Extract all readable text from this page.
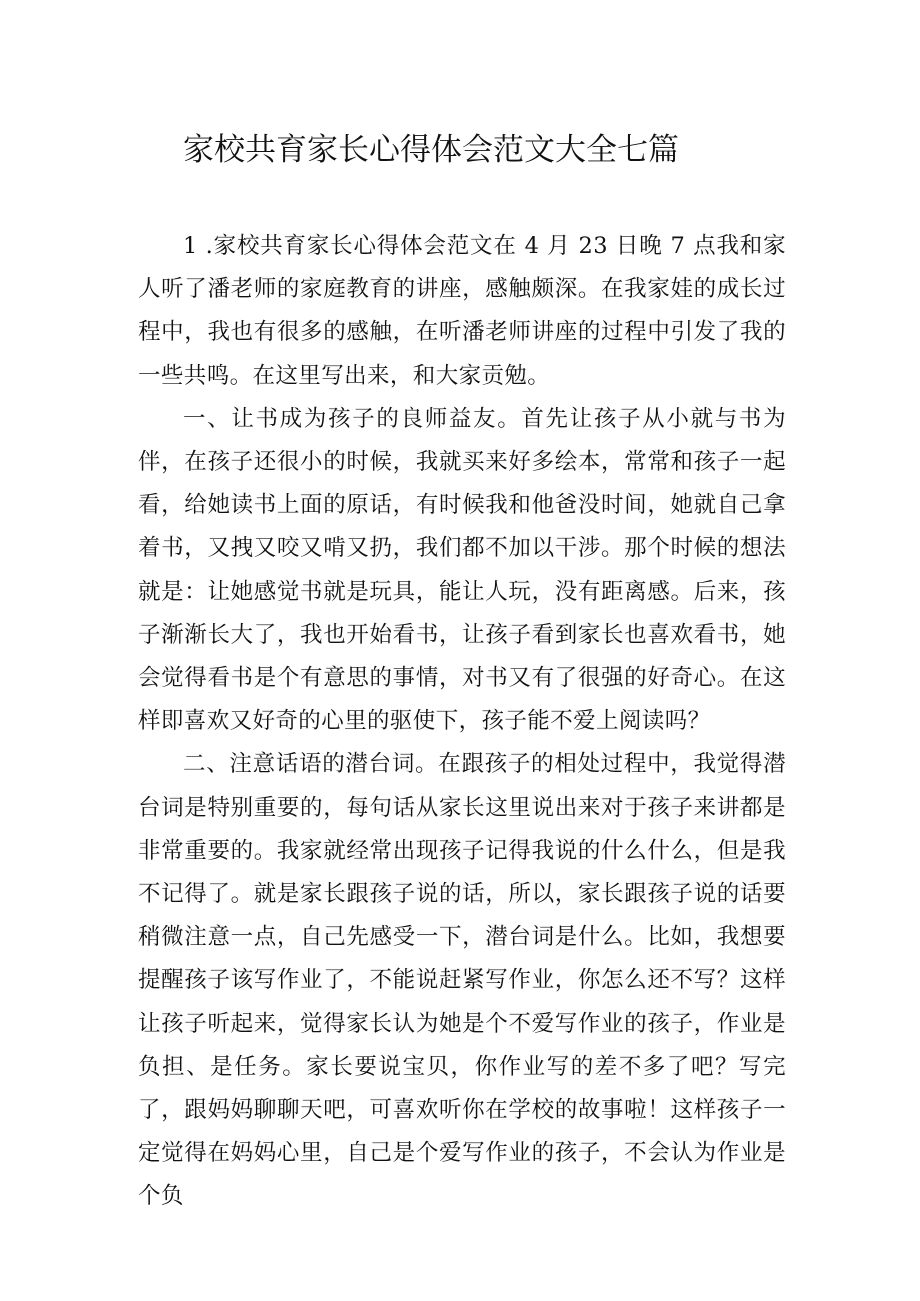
家校共育家长心得体会范文大全七篇

1 .家校共育家长心得体会范文在 4 月 23 日晚 7 点我和家人听了潘老师的家庭教育的讲座，感触颇深。在我家娃的成长过程中，我也有很多的感触，在听潘老师讲座的过程中引发了我的一些共鸣。在这里写出来，和大家贡勉。

一、让书成为孩子的良师益友。首先让孩子从小就与书为伴，在孩子还很小的时候，我就买来好多绘本，常常和孩子一起看，给她读书上面的原话，有时候我和他爸没时间，她就自己拿着书，又拽又咬又啃又扔，我们都不加以干涉。那个时候的想法就是：让她感觉书就是玩具，能让人玩，没有距离感。后来，孩子渐渐长大了，我也开始看书，让孩子看到家长也喜欢看书，她会觉得看书是个有意思的事情，对书又有了很强的好奇心。在这样即喜欢又好奇的心里的驱使下，孩子能不爱上阅读吗？

二、注意话语的潜台词。在跟孩子的相处过程中，我觉得潜台词是特别重要的，每句话从家长这里说出来对于孩子来讲都是非常重要的。我家就经常出现孩子记得我说的什么什么，但是我不记得了。就是家长跟孩子说的话，所以，家长跟孩子说的话要稍微注意一点，自己先感受一下，潜台词是什么。比如，我想要提醒孩子该写作业了，不能说赶紧写作业，你怎么还不写？这样让孩子听起来，觉得家长认为她是个不爱写作业的孩子，作业是负担、是任务。家长要说宝贝，你作业写的差不多了吧？写完了，跟妈妈聊聊天吧，可喜欢听你在学校的故事啦！这样孩子一定觉得在妈妈心里，自己是个爱写作业的孩子，不会认为作业是个负
